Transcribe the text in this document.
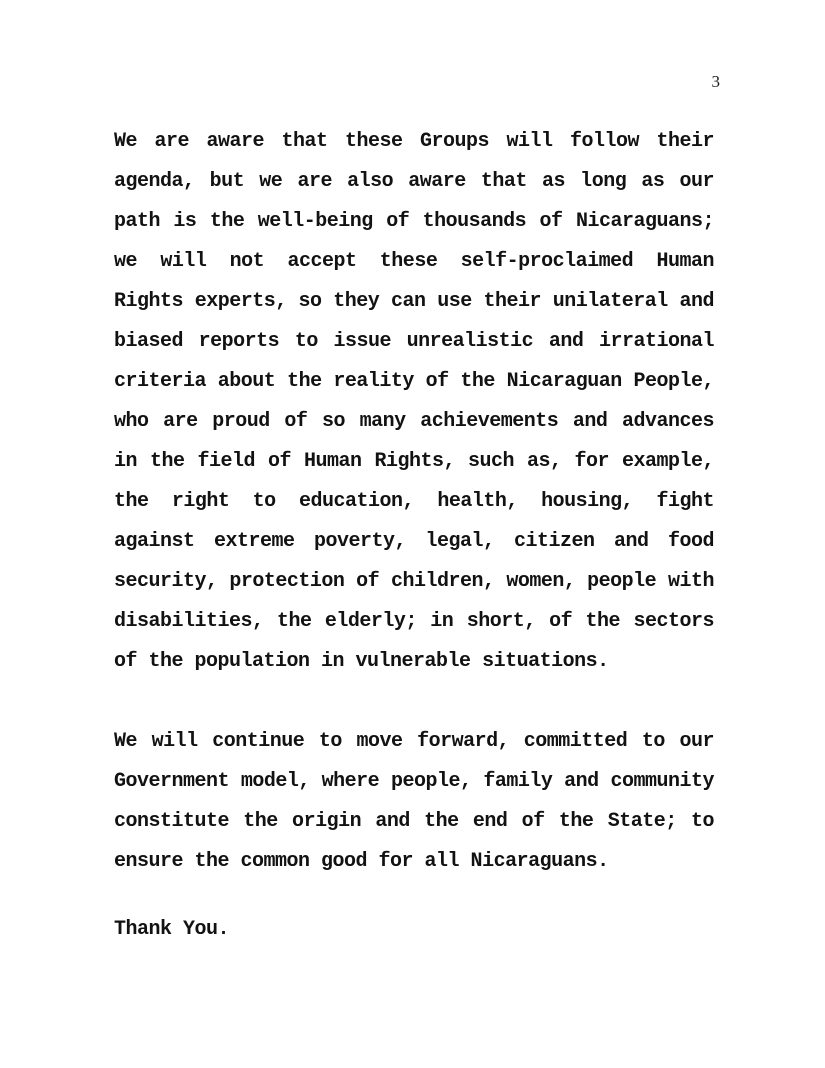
3

We are aware that these Groups will follow their agenda, but we are also aware that as long as our path is the well-being of thousands of Nicaraguans; we will not accept these self-proclaimed Human Rights experts, so they can use their unilateral and biased reports to issue unrealistic and irrational criteria about the reality of the Nicaraguan People, who are proud of so many achievements and advances in the field of Human Rights, such as, for example, the right to education, health, housing, fight against extreme poverty, legal, citizen and food security, protection of children, women, people with disabilities, the elderly; in short, of the sectors of the population in vulnerable situations.

We will continue to move forward, committed to our Government model, where people, family and community constitute the origin and the end of the State; to ensure the common good for all Nicaraguans.

Thank You.
